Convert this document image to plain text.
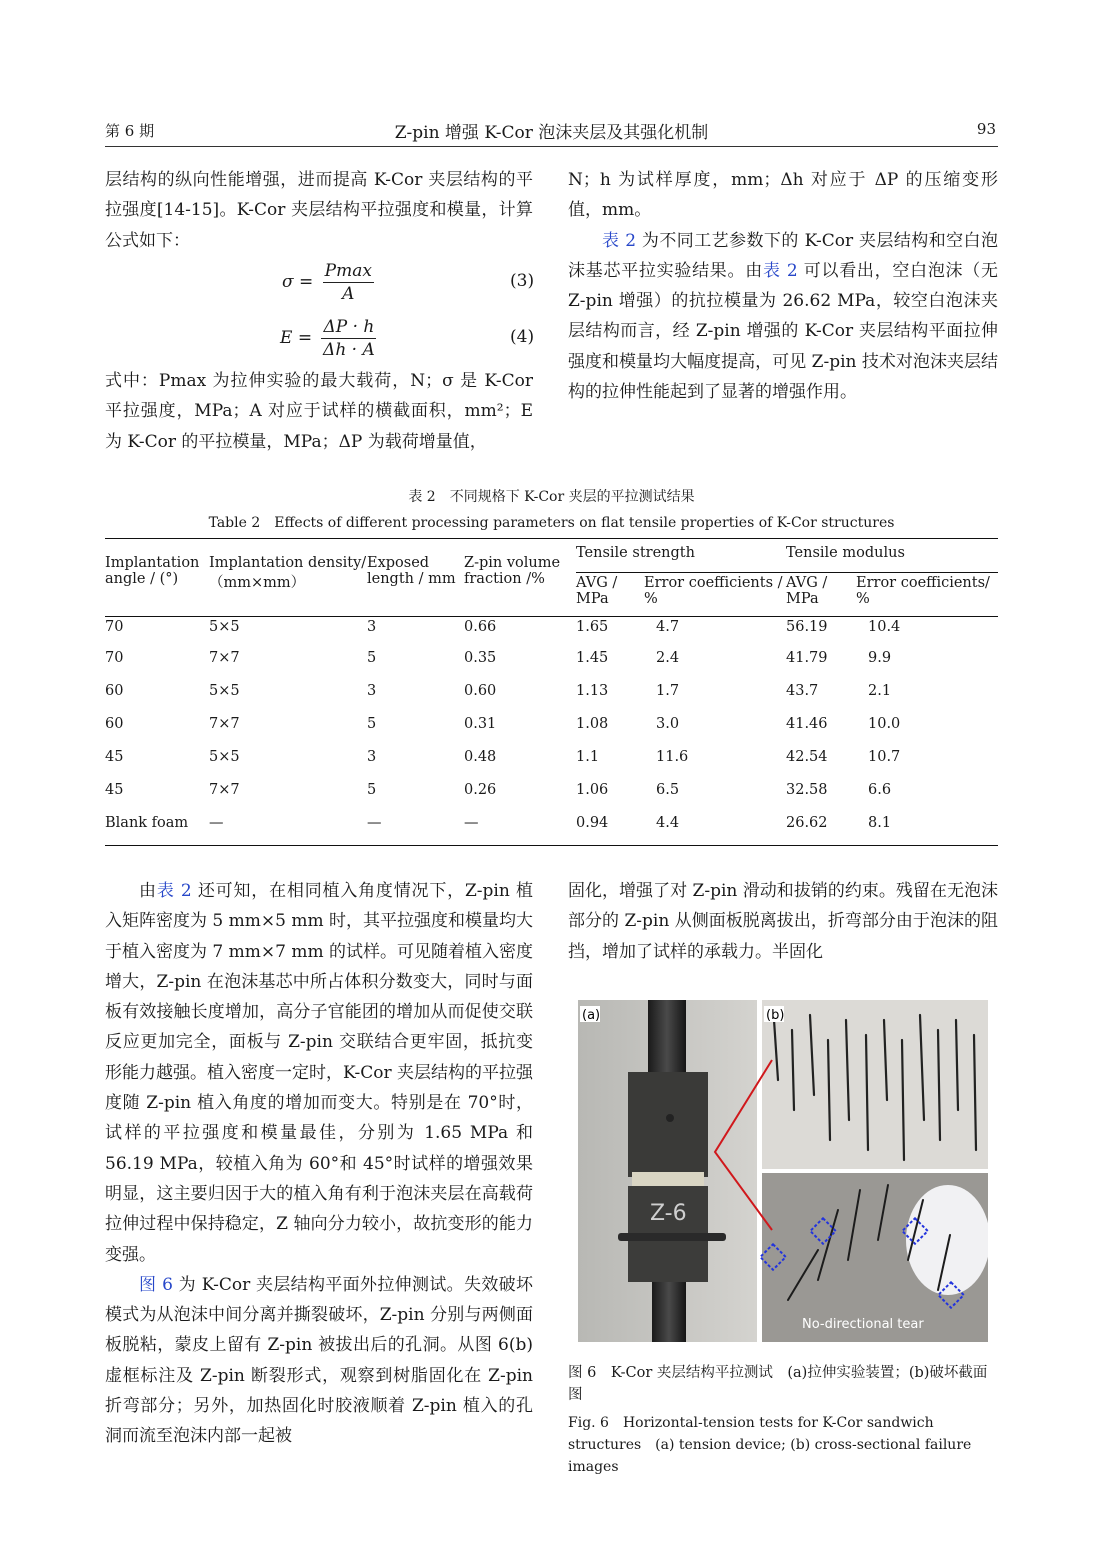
第 6 期	Z-pin 增强 K-Cor 泡沫夹层及其强化机制	93

层结构的纵向性能增强，进而提高 K-Cor 夹层结构的平拉强度[14-15]。K-Cor 夹层结构平拉强度和模量，计算公式如下：

$\sigma = \frac{Pmax}{A}$	(3)
$E = \frac{\Delta P \cdot h}{\Delta h \cdot A}$	(4)

式中：Pmax 为拉伸实验的最大载荷，N；σ 是 K-Cor 平拉强度，MPa；A 对应于试样的横截面积，mm²；E 为 K-Cor 的平拉模量，MPa；ΔP 为载荷增量值，

N；h 为试样厚度，mm；Δh 对应于 ΔP 的压缩变形值，mm。

表 2 为不同工艺参数下的 K-Cor 夹层结构和空白泡沫基芯平拉实验结果。由表 2 可以看出，空白泡沫（无 Z-pin 增强）的抗拉模量为 26.62 MPa，较空白泡沫夹层结构而言，经 Z-pin 增强的 K-Cor 夹层结构平面拉伸强度和模量均大幅度提高，可见 Z-pin 技术对泡沫夹层结构的拉伸性能起到了显著的增强作用。

表 2　不同规格下 K-Cor 夹层的平拉测试结果
Table 2　Effects of different processing parameters on flat tensile properties of K-Cor structures
Implantation angle / (°)	Implantation density/ （mm×mm）	Exposed length / mm	Z-pin volume fraction /%	Tensile strength		Tensile modulus	
				AVG / MPa	Error coefficients / %	AVG / MPa	Error coefficients/ %
70	5×5	3	0.66	1.65	4.7	56.19	10.4
70	7×7	5	0.35	1.45	2.4	41.79	9.9
60	5×5	3	0.60	1.13	1.7	43.7	2.1
60	7×7	5	0.31	1.08	3.0	41.46	10.0
45	5×5	3	0.48	1.1	11.6	42.54	10.7
45	7×7	5	0.26	1.06	6.5	32.58	6.6
Blank foam	—	—	—	0.94	4.4	26.62	8.1

由表 2 还可知，在相同植入角度情况下，Z-pin 植入矩阵密度为 5 mm×5 mm 时，其平拉强度和模量均大于植入密度为 7 mm×7 mm 的试样。可见随着植入密度增大，Z-pin 在泡沫基芯中所占体积分数变大，同时与面板有效接触长度增加，高分子官能团的增加从而促使交联反应更加完全，面板与 Z-pin 交联结合更牢固，抵抗变形能力越强。植入密度一定时，K-Cor 夹层结构的平拉强度随 Z-pin 植入角度的增加而变大。特别是在 70°时，试样的平拉强度和模量最佳，分别为 1.65 MPa 和 56.19 MPa，较植入角为 60°和 45°时试样的增强效果明显，这主要归因于大的植入角有利于泡沫夹层在高载荷拉伸过程中保持稳定，Z 轴向分力较小，故抗变形的能力变强。

图 6 为 K-Cor 夹层结构平面外拉伸测试。失效破坏模式为从泡沫中间分离并撕裂破坏，Z-pin 分别与两侧面板脱粘，蒙皮上留有 Z-pin 被拔出后的孔洞。从图 6(b)虚框标注及 Z-pin 断裂形式，观察到树脂固化在 Z-pin 折弯部分；另外，加热固化时胶液顺着 Z-pin 植入的孔洞而流至泡沫内部一起被

固化，增强了对 Z-pin 滑动和拔销的约束。残留在无泡沫部分的 Z-pin 从侧面板脱离拔出，折弯部分由于泡沫的阻挡，增加了试样的承载力。半固化

Z-6
No-directional tear
(a)	(b)
图 6　K-Cor 夹层结构平拉测试　(a)拉伸实验装置；(b)破坏截面图
Fig. 6　Horizontal-tension tests for K-Cor sandwich structures　(a) tension device; (b) cross-sectional failure images
